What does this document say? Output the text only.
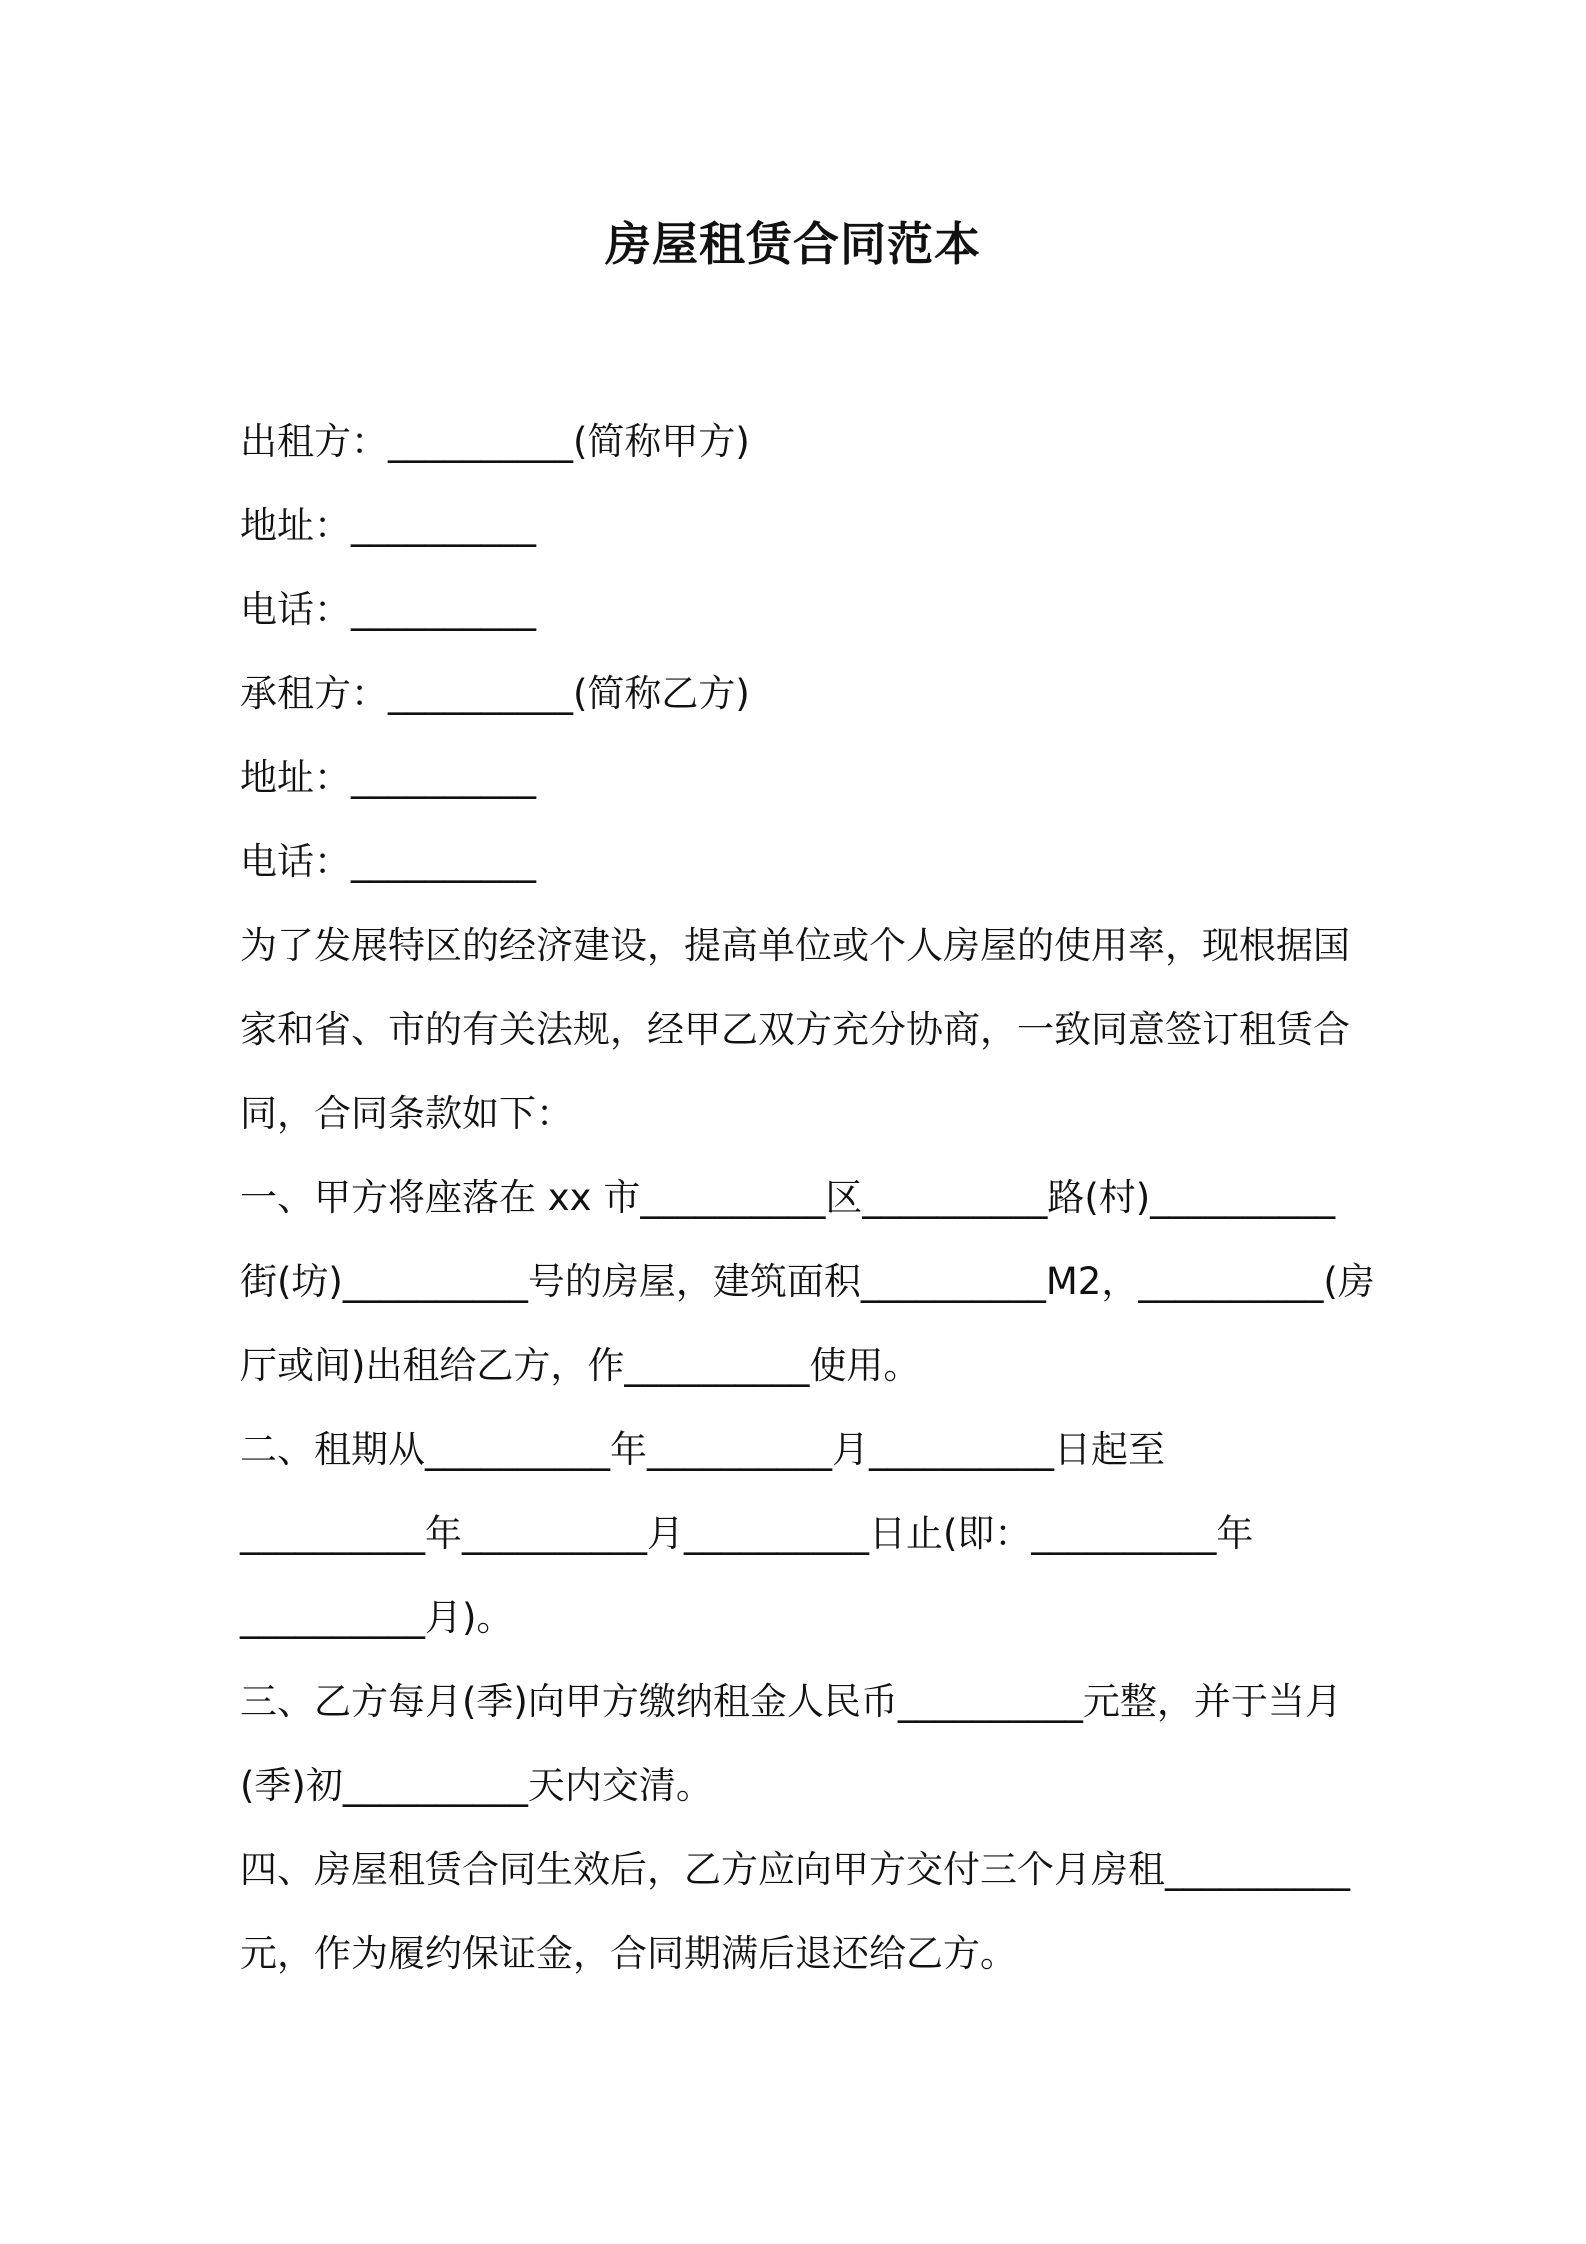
房屋租赁合同范本
出租方：__________(简称甲方)
地址：__________
电话：__________
承租方：__________(简称乙方)
地址：__________
电话：__________
为了发展特区的经济建设，提高单位或个人房屋的使用率，现根据国
家和省、市的有关法规，经甲乙双方充分协商，一致同意签订租赁合
同，合同条款如下：
一、甲方将座落在 xx 市__________区__________路(村)__________
街(坊)__________号的房屋，建筑面积__________M2，__________(房
厅或间)出租给乙方，作__________使用。
二、租期从__________年__________月__________日起至
__________年__________月__________日止(即：__________年
__________月)。
三、乙方每月(季)向甲方缴纳租金人民币__________元整，并于当月
(季)初__________天内交清。
四、房屋租赁合同生效后，乙方应向甲方交付三个月房租__________
元，作为履约保证金，合同期满后退还给乙方。
